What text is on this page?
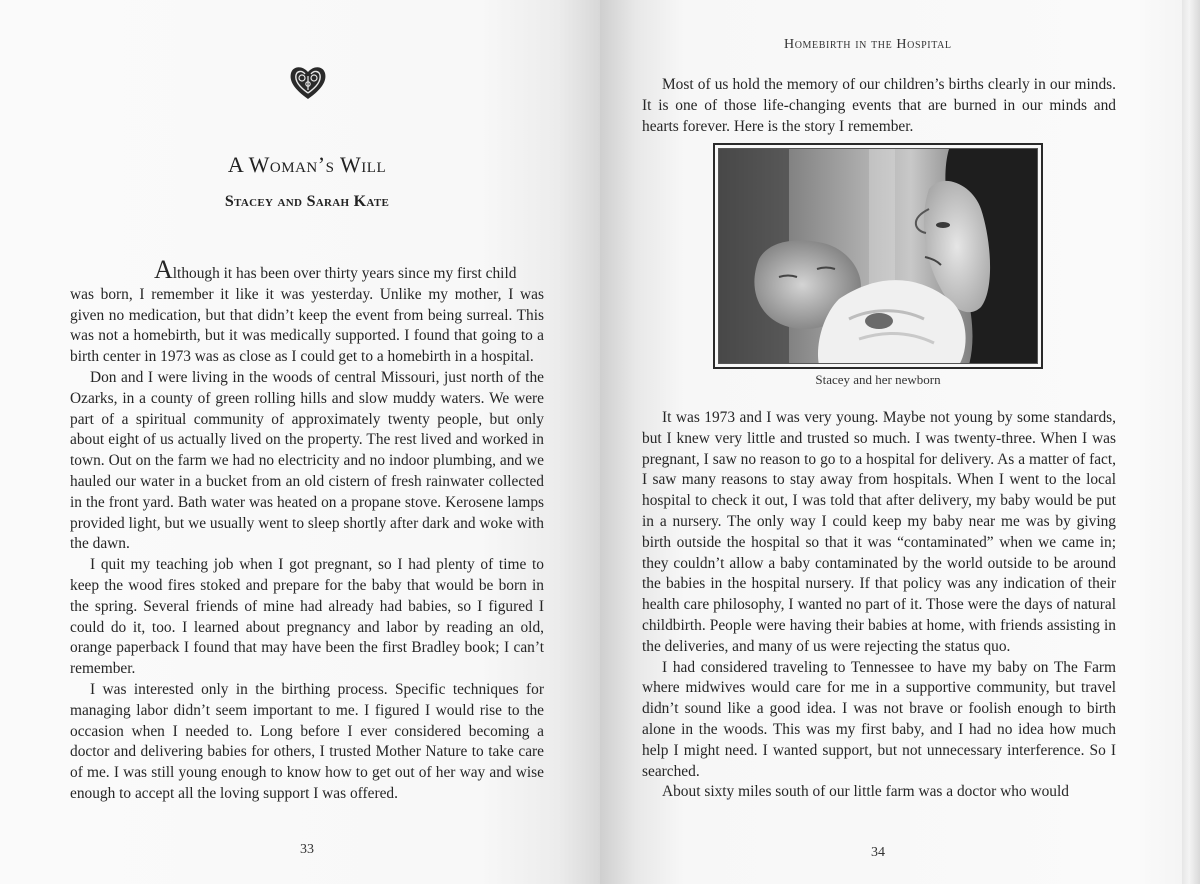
A Woman’s Will
Stacey and Sarah Kate

Although it has been over thirty years since my first child

was born, I remember it like it was yesterday. Unlike my mother, I was given no medication, but that didn’t keep the event from being surreal. This was not a homebirth, but it was medically supported. I found that going to a birth center in 1973 was as close as I could get to a homebirth in a hospital.

Don and I were living in the woods of central Missouri, just north of the Ozarks, in a county of green rolling hills and slow muddy waters. We were part of a spiritual community of approximately twenty people, but only about eight of us actually lived on the property. The rest lived and worked in town. Out on the farm we had no electricity and no indoor plumbing, and we hauled our water in a bucket from an old cistern of fresh rainwater collected in the front yard. Bath water was heated on a propane stove. Kerosene lamps provided light, but we usually went to sleep shortly after dark and woke with the dawn.

I quit my teaching job when I got pregnant, so I had plenty of time to keep the wood fires stoked and prepare for the baby that would be born in the spring. Several friends of mine had already had babies, so I figured I could do it, too. I learned about pregnancy and labor by reading an old, orange paperback I found that may have been the first Bradley book; I can’t remember.

I was interested only in the birthing process. Specific techniques for managing labor didn’t seem important to me. I figured I would rise to the occasion when I needed to. Long before I ever considered becoming a doctor and delivering babies for others, I trusted Mother Nature to take care of me. I was still young enough to know how to get out of her way and wise enough to accept all the loving support I was offered.

33
Homebirth in the Hospital

Most of us hold the memory of our children’s births clearly in our minds. It is one of those life-changing events that are burned in our minds and hearts forever. Here is the story I remember.

Stacey and her newborn

It was 1973 and I was very young. Maybe not young by some standards, but I knew very little and trusted so much. I was twenty-three. When I was pregnant, I saw no reason to go to a hospital for delivery. As a matter of fact, I saw many reasons to stay away from hospitals. When I went to the local hospital to check it out, I was told that after delivery, my baby would be put in a nursery. The only way I could keep my baby near me was by giving birth outside the hospital so that it was “contaminated” when we came in; they couldn’t allow a baby contaminated by the world outside to be around the babies in the hospital nursery. If that policy was any indication of their health care philosophy, I wanted no part of it. Those were the days of natural childbirth. People were having their babies at home, with friends assisting in the deliveries, and many of us were rejecting the status quo.

I had considered traveling to Tennessee to have my baby on The Farm where midwives would care for me in a supportive community, but travel didn’t sound like a good idea. I was not brave or foolish enough to birth alone in the woods. This was my first baby, and I had no idea how much help I might need. I wanted support, but not unnecessary interference. So I searched.

About sixty miles south of our little farm was a doctor who would

34
